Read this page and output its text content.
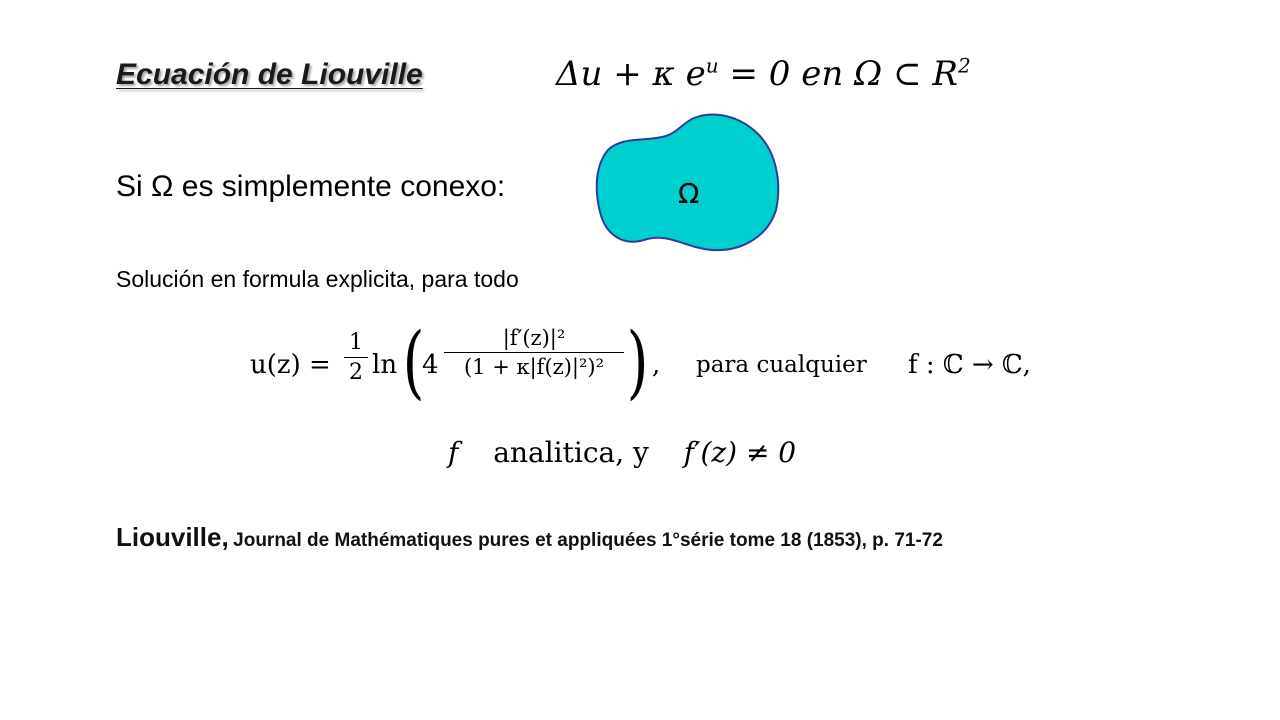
Ecuación de Liouville	Δu + κ $e^u = 0$ en Ω ⊂ $R^2$
Si Ω es simplemente conexo:	Ω
Solución en formula explicita, para todo
u(z) =
1
2 ln (
4
|f′(z)|²
(1 + κ|f(z)|²)² ) , para cualquier f : ℂ → ℂ,
f analitica, y f′(z) ≠ 0
Liouville, Journal de Mathématiques pures et appliquées 1°série tome 18 (1853), p. 71-72
